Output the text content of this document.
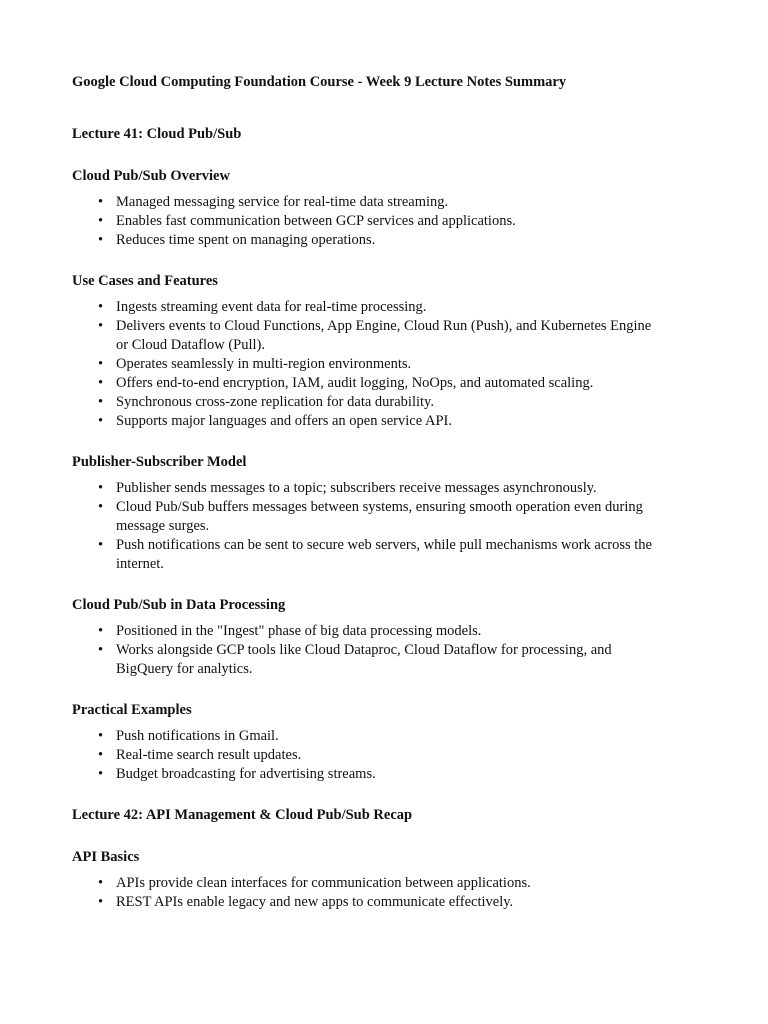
Google Cloud Computing Foundation Course - Week 9 Lecture Notes Summary
Lecture 41: Cloud Pub/Sub
Cloud Pub/Sub Overview
• Managed messaging service for real-time data streaming.
• Enables fast communication between GCP services and applications.
• Reduces time spent on managing operations.
Use Cases and Features
• Ingests streaming event data for real-time processing.
• Delivers events to Cloud Functions, App Engine, Cloud Run (Push), and Kubernetes Engine or Cloud Dataflow (Pull).
• Operates seamlessly in multi-region environments.
• Offers end-to-end encryption, IAM, audit logging, NoOps, and automated scaling.
• Synchronous cross-zone replication for data durability.
• Supports major languages and offers an open service API.
Publisher-Subscriber Model
• Publisher sends messages to a topic; subscribers receive messages asynchronously.
• Cloud Pub/Sub buffers messages between systems, ensuring smooth operation even during message surges.
• Push notifications can be sent to secure web servers, while pull mechanisms work across the internet.
Cloud Pub/Sub in Data Processing
• Positioned in the "Ingest" phase of big data processing models.
• Works alongside GCP tools like Cloud Dataproc, Cloud Dataflow for processing, and BigQuery for analytics.
Practical Examples
• Push notifications in Gmail.
• Real-time search result updates.
• Budget broadcasting for advertising streams.
Lecture 42: API Management & Cloud Pub/Sub Recap
API Basics
• APIs provide clean interfaces for communication between applications.
• REST APIs enable legacy and new apps to communicate effectively.
